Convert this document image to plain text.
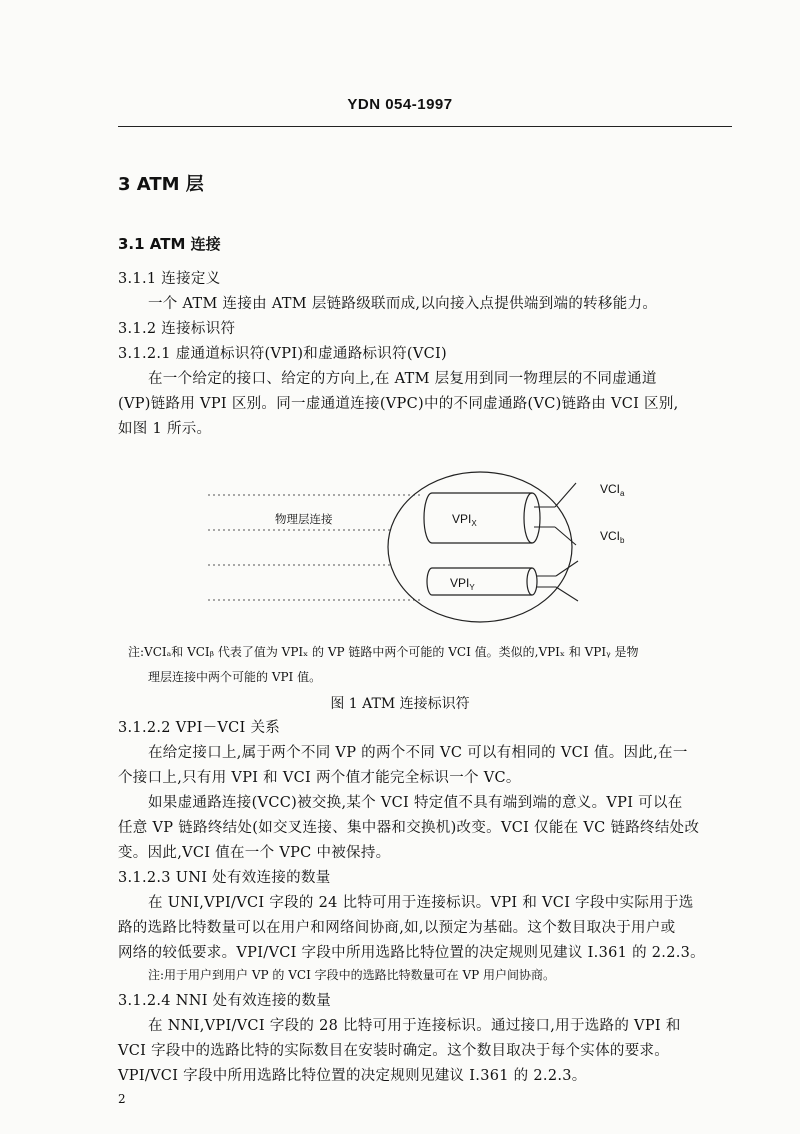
YDN 054-1997
3 ATM 层
3.1 ATM 连接
3.1.1 连接定义
一个 ATM 连接由 ATM 层链路级联而成,以向接入点提供端到端的转移能力。
3.1.2 连接标识符
3.1.2.1 虚通道标识符(VPI)和虚通路标识符(VCI)
在一个给定的接口、给定的方向上,在 ATM 层复用到同一物理层的不同虚通道
(VP)链路用 VPI 区别。同一虚通道连接(VPC)中的不同虚通路(VC)链路由 VCI 区别,
如图 1 所示。
物理层连接	$VPI_X$
$VPI_Y$
$VCI_a$
$VCI_b$
注:VCIₐ和 VCIᵦ 代表了值为 VPIₓ 的 VP 链路中两个可能的 VCI 值。类似的,VPIₓ 和 VPIᵧ 是物
理层连接中两个可能的 VPI 值。
图 1 ATM 连接标识符
3.1.2.2 VPI－VCI 关系
在给定接口上,属于两个不同 VP 的两个不同 VC 可以有相同的 VCI 值。因此,在一
个接口上,只有用 VPI 和 VCI 两个值才能完全标识一个 VC。
如果虚通路连接(VCC)被交换,某个 VCI 特定值不具有端到端的意义。VPI 可以在
任意 VP 链路终结处(如交叉连接、集中器和交换机)改变。VCI 仅能在 VC 链路终结处改
变。因此,VCI 值在一个 VPC 中被保持。
3.1.2.3 UNI 处有效连接的数量
在 UNI,VPI/VCI 字段的 24 比特可用于连接标识。VPI 和 VCI 字段中实际用于选
路的选路比特数量可以在用户和网络间协商,如,以预定为基础。这个数目取决于用户或
网络的较低要求。VPI/VCI 字段中所用选路比特位置的决定规则见建议 I.361 的 2.2.3。
注:用于用户到用户 VP 的 VCI 字段中的选路比特数量可在 VP 用户间协商。
3.1.2.4 NNI 处有效连接的数量
在 NNI,VPI/VCI 字段的 28 比特可用于连接标识。通过接口,用于选路的 VPI 和
VCI 字段中的选路比特的实际数目在安装时确定。这个数目取决于每个实体的要求。
VPI/VCI 字段中所用选路比特位置的决定规则见建议 I.361 的 2.2.3。
2
